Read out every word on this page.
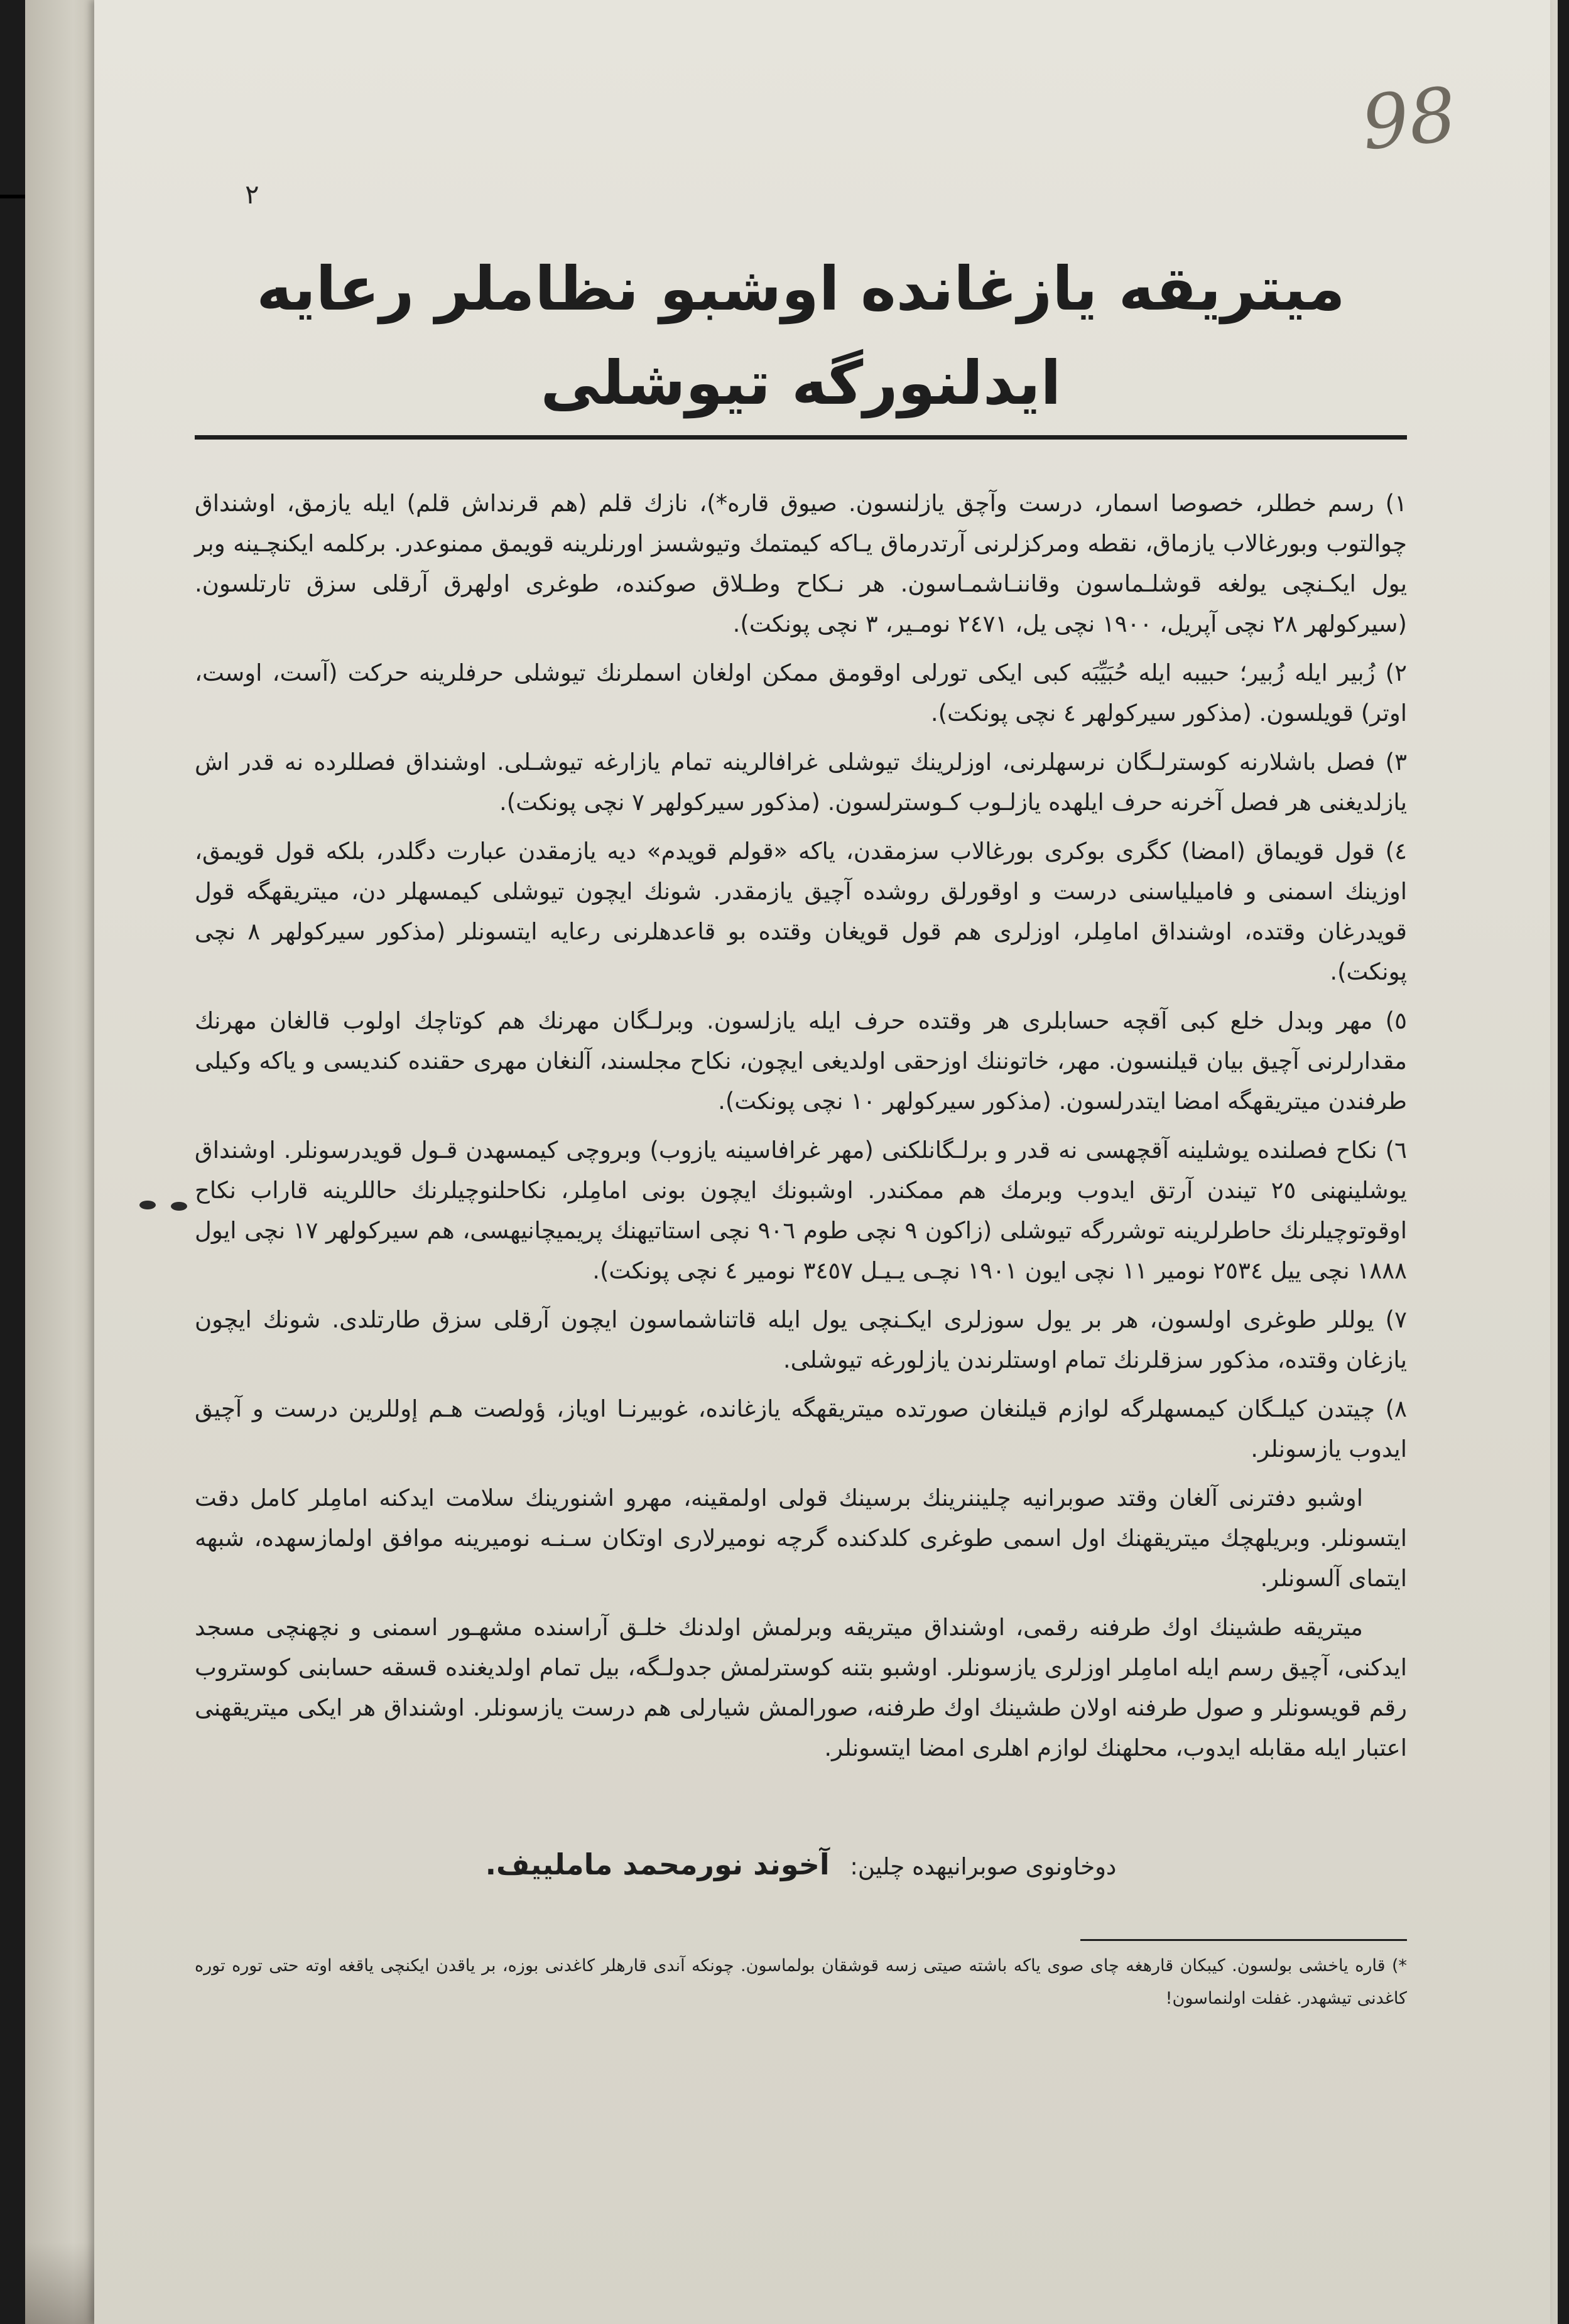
98
٢
میتریقه یازغانده اوشبو نظاملر رعایه ایدلنورگه تیوشلی

١) رسم خطلر، خصوصا اسمار، درست وآچق یازلنسون. صیوق قاره*)، نازك قلم (هم قرنداش قلم) ایله یازمق، اوشنداق چوالتوب وبورغالاب یازماق، نقطه ومرکزلرنی آرتدرماق یـاکه کیمتمك وتیوشسز اورنلرینه قویمق ممنوعدر. برکلمه ایکنچـینه وبر یول ایکـنچی یولغه قوشلـماسون وقاننـاشمـاسون. هر نـکاح وطـلاق صوکنده، طوغری اولهرق آرقلی سزق تارتلسون. (سیرکولهر ٢٨ نچی آپریل، ١٩٠٠ نچی یل، ٢٤٧١ نومـیر، ٣ نچی پونکت).

٢) زُبیر ایله زُبیر؛ حبیبه ایله حُبَیِّبَه کبی ایکی تورلی اوقومق ممکن اولغان اسملرنك تیوشلی حرفلرینه حرکت (آست، اوست، اوتر) قویلسون. (مذکور سیرکولهر ٤ نچی پونکت).

٣) فصل باشلارنه کوسترلـگان نرسهلرنی، اوزلرینك تیوشلی غرافالرینه تمام یازارغه تیوشـلی. اوشنداق فصللرده نه قدر اش یازلدیغنی هر فصل آخرنه حرف ایلهده یازلـوب کـوسترلسون. (مذکور سیرکولهر ٧ نچی پونکت).

٤) قول قویماق (امضا) کگری بوکری بورغالاب سزمقدن، یاکه «قولم قویدم» دیه یازمقدن عبارت دگلدر، بلکه قول قویمق، اوزینك اسمنی و فامیلیاسنی درست و اوقورلق روشده آچیق یازمقدر. شونك ایچون تیوشلی کیمسهلر دن، میتریقهگه قول قویدرغان وقتده، اوشنداق امامِلر، اوزلری هم قول قویغان وقتده بو قاعدهلرنی رعایه ایتسونلر (مذکور سیرکولهر ٨ نچی پونکت).

٥) مهر وبدل خلع کبی آقچه حسابلری هر وقتده حرف ایله یازلسون. وبرلـگان مهرنك هم کوتاچك اولوب قالغان مهرنك مقدارلرنی آچیق بیان قیلنسون. مهر، خاتوننك اوزحقی اولدیغی ایچون، نکاح مجلسند، آلنغان مهری حقنده کندیسی و یاکه وکیلی طرفندن میتریقهگه امضا ایتدرلسون. (مذکور سیرکولهر ١٠ نچی پونکت).

٦) نکاح فصلنده یوشلینه آقچهسی نه قدر و برلـگانلکنی (مهر غرافاسینه یازوب) وبروچی کیمسهدن قـول قویدرسونلر. اوشنداق یوشلینهنی ٢٥ تیندن آرتق ایدوب وبرمك هم ممکندر. اوشبونك ایچون بونی امامِلر، نکاحلنوچیلرنك حاللرینه قاراب نکاح اوقوتوچیلرنك حاطرلرینه توشررگه تیوشلی (زاکون ٩ نچی طوم ٩٠٦ نچی استاتیهنك پریمیچانیهسی، هم سیرکولهر ١٧ نچی ایول ١٨٨٨ نچی ییل ٢٥٣٤ نومیر ١١ نچی ایون ١٩٠١ نچـی یـیـل ٣٤٥٧ نومیر ٤ نچی پونکت).

٧) یوللر طوغری اولسون، هر بر یول سوزلری ایکـنچی یول ایله قاتناشماسون ایچون آرقلی سزق طارتلدی. شونك ایچون یازغان وقتده، مذکور سزقلرنك تمام اوستلرندن یازلورغه تیوشلی.

٨) چیتدن کیلـگان کیمسهلرگه لوازم قیلنغان صورتده میتریقهگه یازغانده، غوبیرنـا اویاز، ؤولصت هـم إوللرین درست و آچیق ایدوب یازسونلر.

اوشبو دفترنی آلغان وقتد صوبرانیه چلیننرینك برسینك قولی اولمقینه، مهرو اشنورینك سلامت ایدکنه امامِلر کامل دقت ایتسونلر. وبریلهچك میتریقهنك اول اسمی طوغری کلدکنده گرچه نومیرلاری اوتکان سـنـه نومیرینه موافق اولمازسهده، شبهه ایتمای آلسونلر.

میتریقه طشینك اوك طرفنه رقمی، اوشنداق میتریقه وبرلمش اولدنك خلـق آراسنده مشهـور اسمنی و نچهنچی مسجد ایدکنی، آچیق رسم ایله امامِلر اوزلری یازسونلر. اوشبو بتنه کوسترلمش جدولـگه، بیل تمام اولدیغنده قسقه حسابنی کوستروب رقم قویسونلر و صول طرفنه اولان طشینك اوك طرفنه، صورالمش شیارلی هم درست یازسونلر. اوشنداق هر ایکی میتریقهنی اعتبار ایله مقابله ایدوب، محلهنك لوازم اهلری امضا ایتسونلر.

دوخاونوی صوبرانیهده چلین: آخوند نورمحمد ماملییف.

*) قاره یاخشی بولسون. کیبکان قارهغه چای صوی یاکه باشته صیتی زسه قوشقان بولماسون. چونکه آندی قارهلر کاغدنی بوزه، بر یاقدن ایکنچی یاقغه اوته حتی توره توره کاغدنی تیشهدر. غفلت اولنماسون!
